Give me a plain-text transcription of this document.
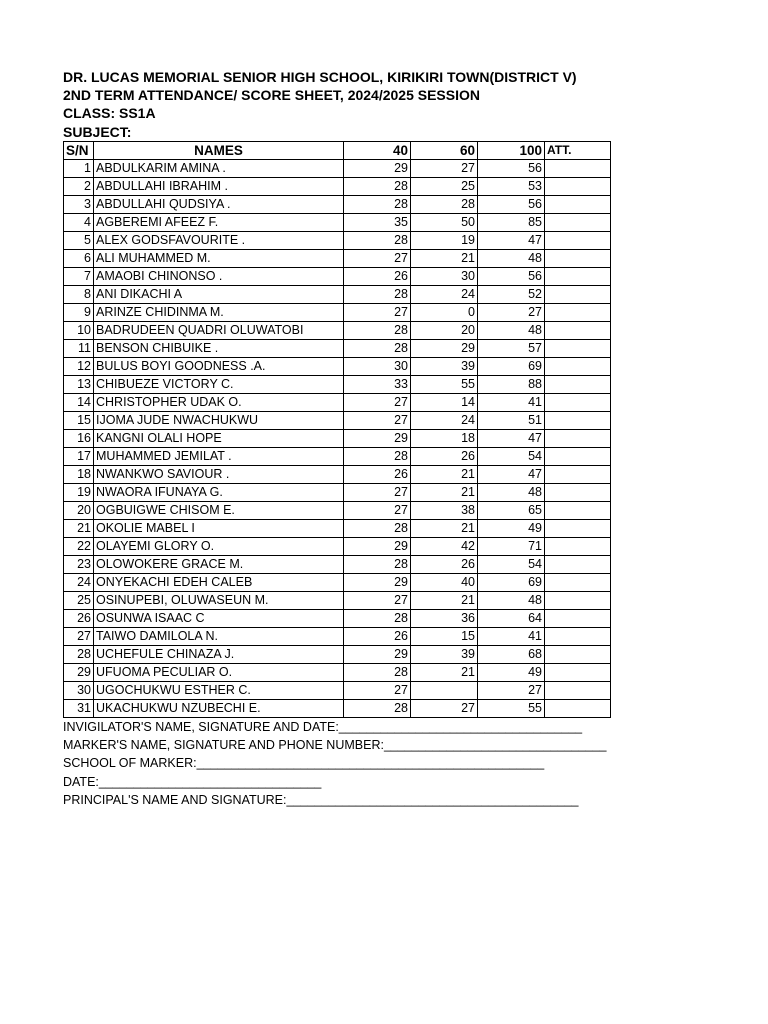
DR. LUCAS MEMORIAL SENIOR HIGH SCHOOL, KIRIKIRI TOWN(DISTRICT V)
2ND TERM ATTENDANCE/ SCORE SHEET, 2024/2025 SESSION
CLASS: SS1A
SUBJECT:
S/N	NAMES	40	60	100	ATT.
1	ABDULKARIM AMINA .	29	27	56	
2	ABDULLAHI IBRAHIM .	28	25	53	
3	ABDULLAHI QUDSIYA .	28	28	56	
4	AGBEREMI AFEEZ F.	35	50	85	
5	ALEX GODSFAVOURITE .	28	19	47	
6	ALI MUHAMMED M.	27	21	48	
7	AMAOBI CHINONSO .	26	30	56	
8	ANI DIKACHI A	28	24	52	
9	ARINZE CHIDINMA M.	27	0	27	
10	BADRUDEEN QUADRI OLUWATOBI	28	20	48	
11	BENSON CHIBUIKE .	28	29	57	
12	BULUS BOYI GOODNESS .A.	30	39	69	
13	CHIBUEZE VICTORY C.	33	55	88	
14	CHRISTOPHER UDAK O.	27	14	41	
15	IJOMA JUDE NWACHUKWU	27	24	51	
16	KANGNI OLALI HOPE	29	18	47	
17	MUHAMMED JEMILAT .	28	26	54	
18	NWANKWO SAVIOUR .	26	21	47	
19	NWAORA IFUNAYA G.	27	21	48	
20	OGBUIGWE CHISOM E.	27	38	65	
21	OKOLIE MABEL I	28	21	49	
22	OLAYEMI GLORY O.	29	42	71	
23	OLOWOKERE GRACE M.	28	26	54	
24	ONYEKACHI EDEH CALEB	29	40	69	
25	OSINUPEBI, OLUWASEUN M.	27	21	48	
26	OSUNWA ISAAC C	28	36	64	
27	TAIWO DAMILOLA N.	26	15	41	
28	UCHEFULE CHINAZA J.	29	39	68	
29	UFUOMA PECULIAR O.	28	21	49	
30	UGOCHUKWU ESTHER C.	27		27	
31	UKACHUKWU NZUBECHI E.	28	27	55	
INVIGILATOR'S NAME, SIGNATURE AND DATE:___________________________________
MARKER'S NAME, SIGNATURE AND PHONE NUMBER:________________________________
SCHOOL OF MARKER:__________________________________________________
DATE:________________________________
PRINCIPAL'S NAME AND SIGNATURE:__________________________________________
